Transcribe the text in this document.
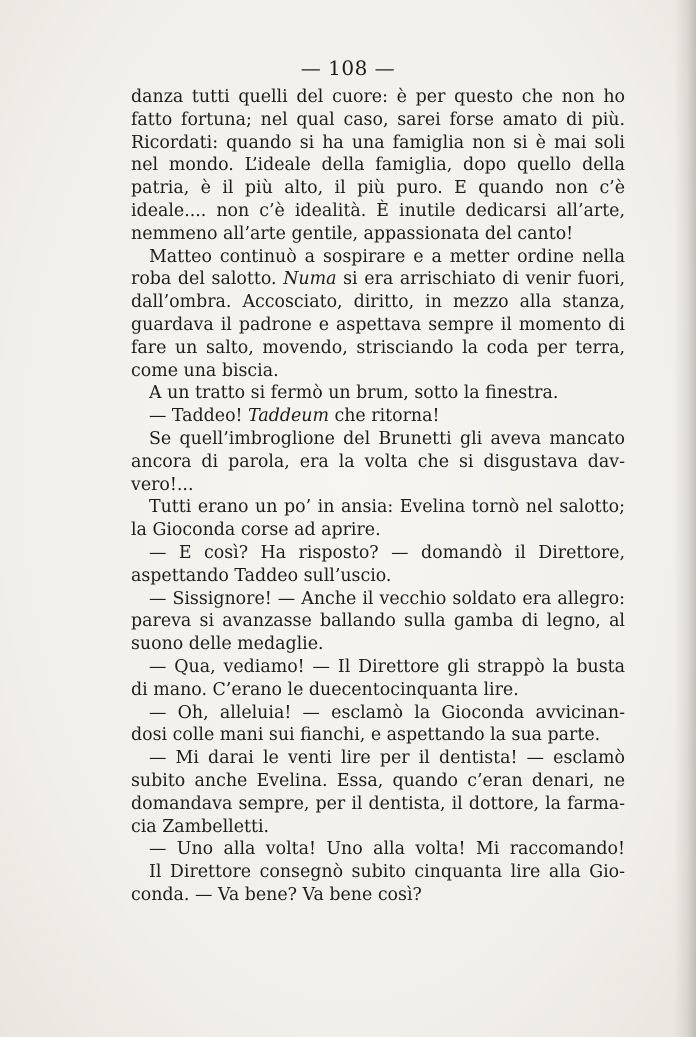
— 108 —
danza tutti quelli del cuore: è per questo che non ho
fatto fortuna; nel qual caso, sarei forse amato di più.
Ricordati: quando si ha una famiglia non si è mai soli
nel mondo. L’ideale della famiglia, dopo quello della
patria, è il più alto, il più puro. E quando non c’è
ideale.... non c’è idealità. È inutile dedicarsi all’arte,
nemmeno all’arte gentile, appassionata del canto!
Matteo continuò a sospirare e a metter ordine nella
roba del salotto. Numa si era arrischiato di venir fuori,
dall’ombra. Accosciato, diritto, in mezzo alla stanza,
guardava il padrone e aspettava sempre il momento di
fare un salto, movendo, strisciando la coda per terra,
come una biscia.
A un tratto si fermò un brum, sotto la finestra.
— Taddeo! Taddeum che ritorna!
Se quell’imbroglione del Brunetti gli aveva mancato
ancora di parola, era la volta che si disgustava dav-
vero!...
Tutti erano un po’ in ansia: Evelina tornò nel salotto;
la Gioconda corse ad aprire.
— E così? Ha risposto? — domandò il Direttore,
aspettando Taddeo sull’uscio.
— Sissignore! — Anche il vecchio soldato era allegro:
pareva si avanzasse ballando sulla gamba di legno, al
suono delle medaglie.
— Qua, vediamo! — Il Direttore gli strappò la busta
di mano. C’erano le duecentocinquanta lire.
— Oh, alleluia! — esclamò la Gioconda avvicinan-
dosi colle mani sui fianchi, e aspettando la sua parte.
— Mi darai le venti lire per il dentista! — esclamò
subito anche Evelina. Essa, quando c’eran denari, ne
domandava sempre, per il dentista, il dottore, la farma-
cia Zambelletti.
— Uno alla volta! Uno alla volta! Mi raccomando!
Il Direttore consegnò subito cinquanta lire alla Gio-
conda. — Va bene? Va bene così?
